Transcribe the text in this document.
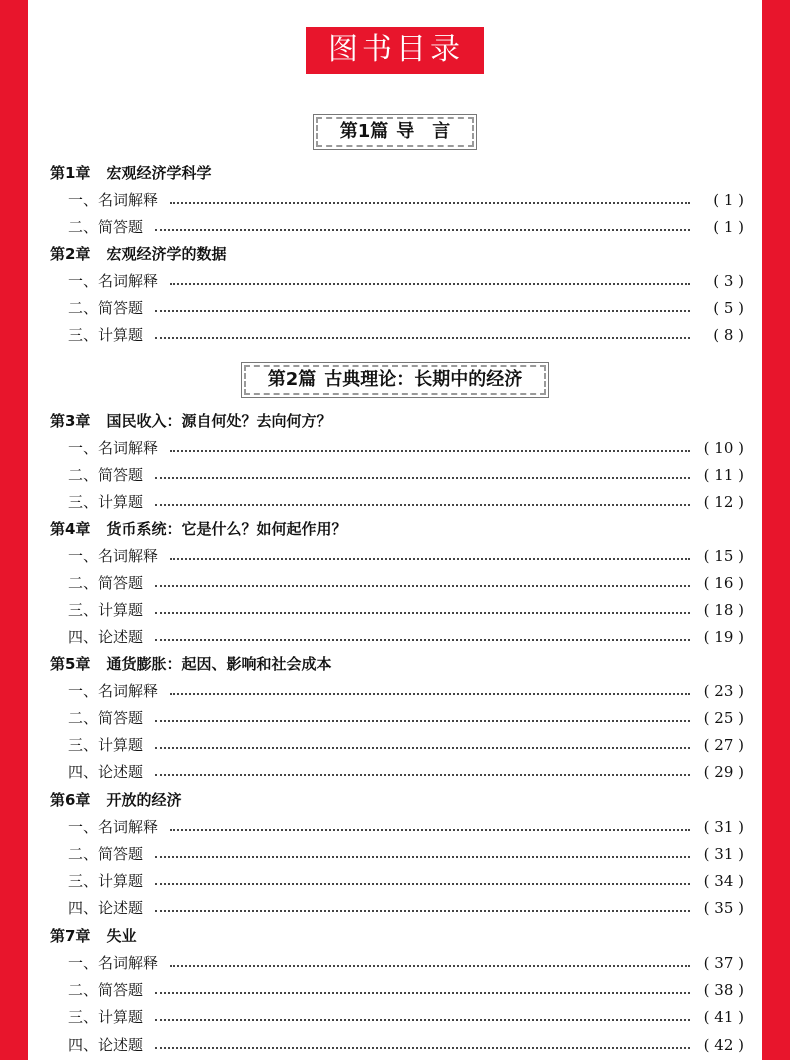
图书目录
第1篇 导　言
第1章 宏观经济学科学
一、名词解释	( 1 )
二、简答题	( 1 )
第2章 宏观经济学的数据
一、名词解释	( 3 )
二、简答题	( 5 )
三、计算题	( 8 )
第2篇 古典理论：长期中的经济
第3章 国民收入：源自何处？去向何方？
一、名词解释	( 10 )
二、简答题	( 11 )
三、计算题	( 12 )
第4章 货币系统：它是什么？如何起作用？
一、名词解释	( 15 )
二、简答题	( 16 )
三、计算题	( 18 )
四、论述题	( 19 )
第5章 通货膨胀：起因、影响和社会成本
一、名词解释	( 23 )
二、简答题	( 25 )
三、计算题	( 27 )
四、论述题	( 29 )
第6章 开放的经济
一、名词解释	( 31 )
二、简答题	( 31 )
三、计算题	( 34 )
四、论述题	( 35 )
第7章 失业
一、名词解释	( 37 )
二、简答题	( 38 )
三、计算题	( 41 )
四、论述题	( 42 )
